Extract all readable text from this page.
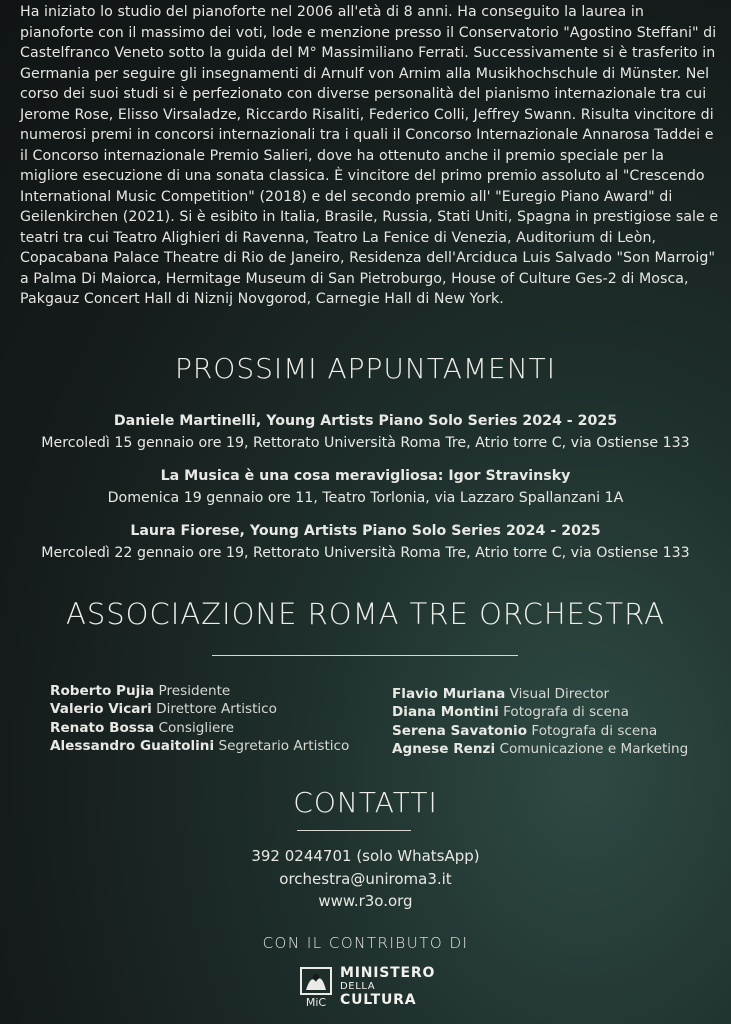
Ha iniziato lo studio del pianoforte nel 2006 all'età di 8 anni. Ha conseguito la laurea in pianoforte con il massimo dei voti, lode e menzione presso il Conservatorio "Agostino Steffani" di Castelfranco Veneto sotto la guida del M° Massimiliano Ferrati. Successivamente si è trasferito in Germania per seguire gli insegnamenti di Arnulf von Arnim alla Musikhochschule di Münster. Nel corso dei suoi studi si è perfezionato con diverse personalità del pianismo internazionale tra cui Jerome Rose, Elisso Virsaladze, Riccardo Risaliti, Federico Colli, Jeffrey Swann. Risulta vincitore di numerosi premi in concorsi internazionali tra i quali il Concorso Internazionale Annarosa Taddei e il Concorso internazionale Premio Salieri, dove ha ottenuto anche il premio speciale per la migliore esecuzione di una sonata classica. È vincitore del primo premio assoluto al "Crescendo International Music Competition" (2018) e del secondo premio all' "Euregio Piano Award" di Geilenkirchen (2021). Si è esibito in Italia, Brasile, Russia, Stati Uniti, Spagna in prestigiose sale e teatri tra cui Teatro Alighieri di Ravenna, Teatro La Fenice di Venezia, Auditorium di Leòn, Copacabana Palace Theatre di Rio de Janeiro, Residenza dell'Arciduca Luis Salvado "Son Marroig" a Palma Di Maiorca, Hermitage Museum di San Pietroburgo, House of Culture Ges-2 di Mosca, Pakgauz Concert Hall di Niznij Novgorod, Carnegie Hall di New York.

PROSSIMI APPUNTAMENTI
Daniele Martinelli, Young Artists Piano Solo Series 2024 - 2025
Mercoledì 15 gennaio ore 19, Rettorato Università Roma Tre, Atrio torre C, via Ostiense 133
La Musica è una cosa meravigliosa: Igor Stravinsky
Domenica 19 gennaio ore 11, Teatro Torlonia, via Lazzaro Spallanzani 1A
Laura Fiorese, Young Artists Piano Solo Series 2024 - 2025
Mercoledì 22 gennaio ore 19, Rettorato Università Roma Tre, Atrio torre C, via Ostiense 133
ASSOCIAZIONE ROMA TRE ORCHESTRA
Roberto Pujia Presidente
Valerio Vicari Direttore Artistico
Renato Bossa Consigliere
Alessandro Guaitolini Segretario Artistico
Flavio Muriana Visual Director
Diana Montini Fotografa di scena
Serena Savatonio Fotografa di scena
Agnese Renzi Comunicazione e Marketing
CONTATTI
392 0244701 (solo WhatsApp)
orchestra@uniroma3.it
www.r3o.org
CON IL CONTRIBUTO DI
MiC
MINISTERO
DELLA
CULTURA
